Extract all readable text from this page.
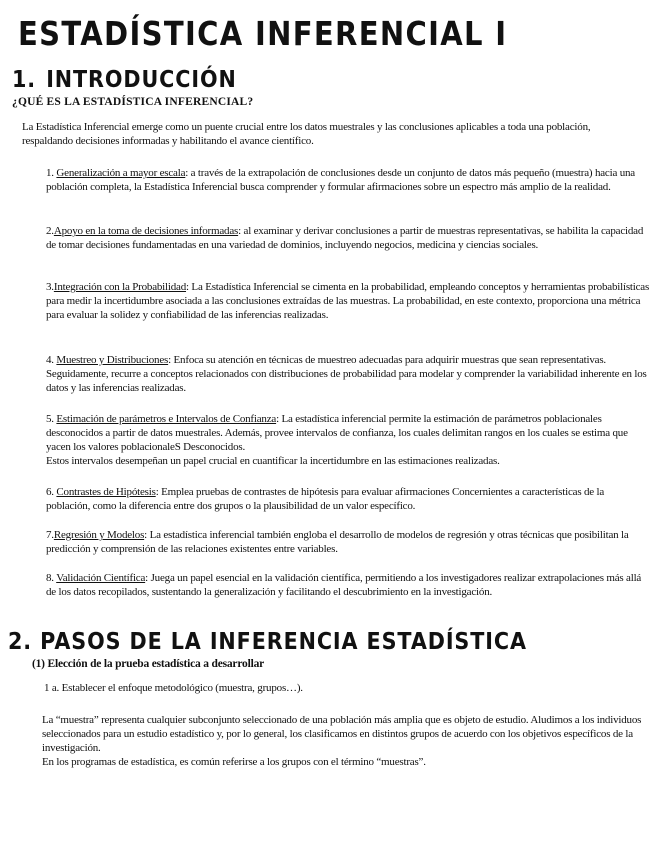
ESTADÍSTICA INFERENCIAL I
1. INTRODUCCIÓN
¿QUÉ ES LA ESTADÍSTICA INFERENCIAL?
La Estadística Inferencial emerge como un puente crucial entre los datos muestrales y las conclusiones aplicables a toda una población, respaldando decisiones informadas y habilitando el avance científico.
1. Generalización a mayor escala: a través de la extrapolación de conclusiones desde un conjunto de datos más pequeño (muestra) hacia una población completa, la Estadística Inferencial busca comprender y formular afirmaciones sobre un espectro más amplio de la realidad.
2.Apoyo en la toma de decisiones informadas: al examinar y derivar conclusiones a partir de muestras representativas, se habilita la capacidad de tomar decisiones fundamentadas en una variedad de dominios, incluyendo negocios, medicina y ciencias sociales.
3.Integración con la Probabilidad: La Estadística Inferencial se cimenta en la probabilidad, empleando conceptos y herramientas probabilísticas para medir la incertidumbre asociada a las conclusiones extraídas de las muestras. La probabilidad, en este contexto, proporciona una métrica para evaluar la solidez y confiabilidad de las inferencias realizadas.
4. Muestreo y Distribuciones: Enfoca su atención en técnicas de muestreo adecuadas para adquirir muestras que sean representativas. Seguidamente, recurre a conceptos relacionados con distribuciones de probabilidad para modelar y comprender la variabilidad inherente en los datos y las inferencias realizadas.
5. Estimación de parámetros e Intervalos de Confianza: La estadística inferencial permite la estimación de parámetros poblacionales desconocidos a partir de datos muestrales. Además, provee intervalos de confianza, los cuales delimitan rangos en los cuales se estima que yacen los valores poblacionaleS Desconocidos.
Estos intervalos desempeñan un papel crucial en cuantificar la incertidumbre en las estimaciones realizadas.
6. Contrastes de Hipótesis: Emplea pruebas de contrastes de hipótesis para evaluar afirmaciones Concernientes a características de la población, como la diferencia entre dos grupos o la plausibilidad de un valor específico.
7.Regresión y Modelos: La estadística inferencial también engloba el desarrollo de modelos de regresión y otras técnicas que posibilitan la predicción y comprensión de las relaciones existentes entre variables.
8. Validación Científica: Juega un papel esencial en la validación científica, permitiendo a los investigadores realizar extrapolaciones más allá de los datos recopilados, sustentando la generalización y facilitando el descubrimiento en la investigación.
2. PASOS DE LA INFERENCIA ESTADÍSTICA
(1) Elección de la prueba estadística a desarrollar
1 a. Establecer el enfoque metodológico (muestra, grupos…).
La “muestra” representa cualquier subconjunto seleccionado de una población más amplia que es objeto de estudio. Aludimos a los individuos seleccionados para un estudio estadístico y, por lo general, los clasificamos en distintos grupos de acuerdo con los objetivos específicos de la investigación.
En los programas de estadística, es común referirse a los grupos con el término “muestras”.
